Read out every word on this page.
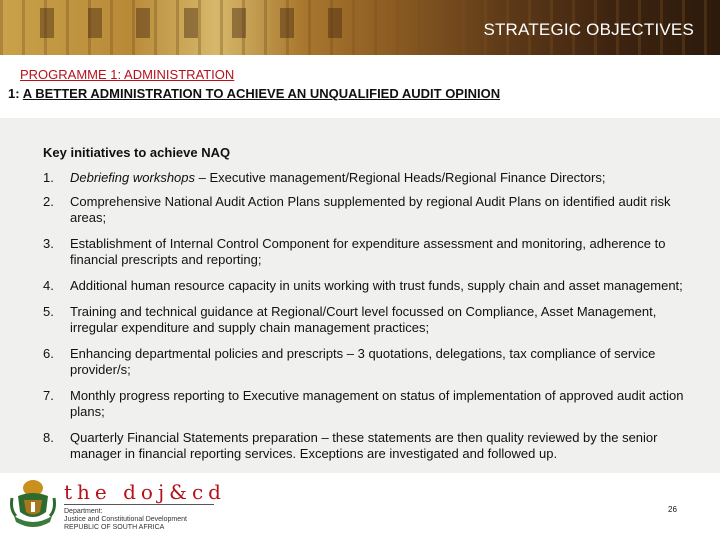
STRATEGIC OBJECTIVES
PROGRAMME 1: ADMINISTRATION
1: A BETTER ADMINISTRATION TO ACHIEVE AN UNQUALIFIED AUDIT OPINION
Key initiatives to achieve NAQ
1.	Debriefing workshops – Executive management/Regional Heads/Regional Finance Directors;
2.	Comprehensive National Audit Action Plans supplemented by regional Audit Plans on identified audit risk areas;
3.	Establishment of Internal Control Component for expenditure assessment and monitoring, adherence to financial prescripts and reporting;
4.	Additional human resource capacity in units working with trust funds, supply chain and asset management;
5.	Training and technical guidance at Regional/Court level focussed on Compliance, Asset Management, irregular expenditure and supply chain management practices;
6.	Enhancing departmental policies and prescripts – 3 quotations, delegations, tax compliance of service provider/s;
7.	Monthly progress reporting to Executive management on status of implementation of approved audit action plans;
8.	Quarterly Financial Statements preparation – these statements are then quality reviewed by the senior manager in financial reporting services. Exceptions are investigated and followed up.
the doj&cd
Department:
Justice and Constitutional Development
REPUBLIC OF SOUTH AFRICA
26
